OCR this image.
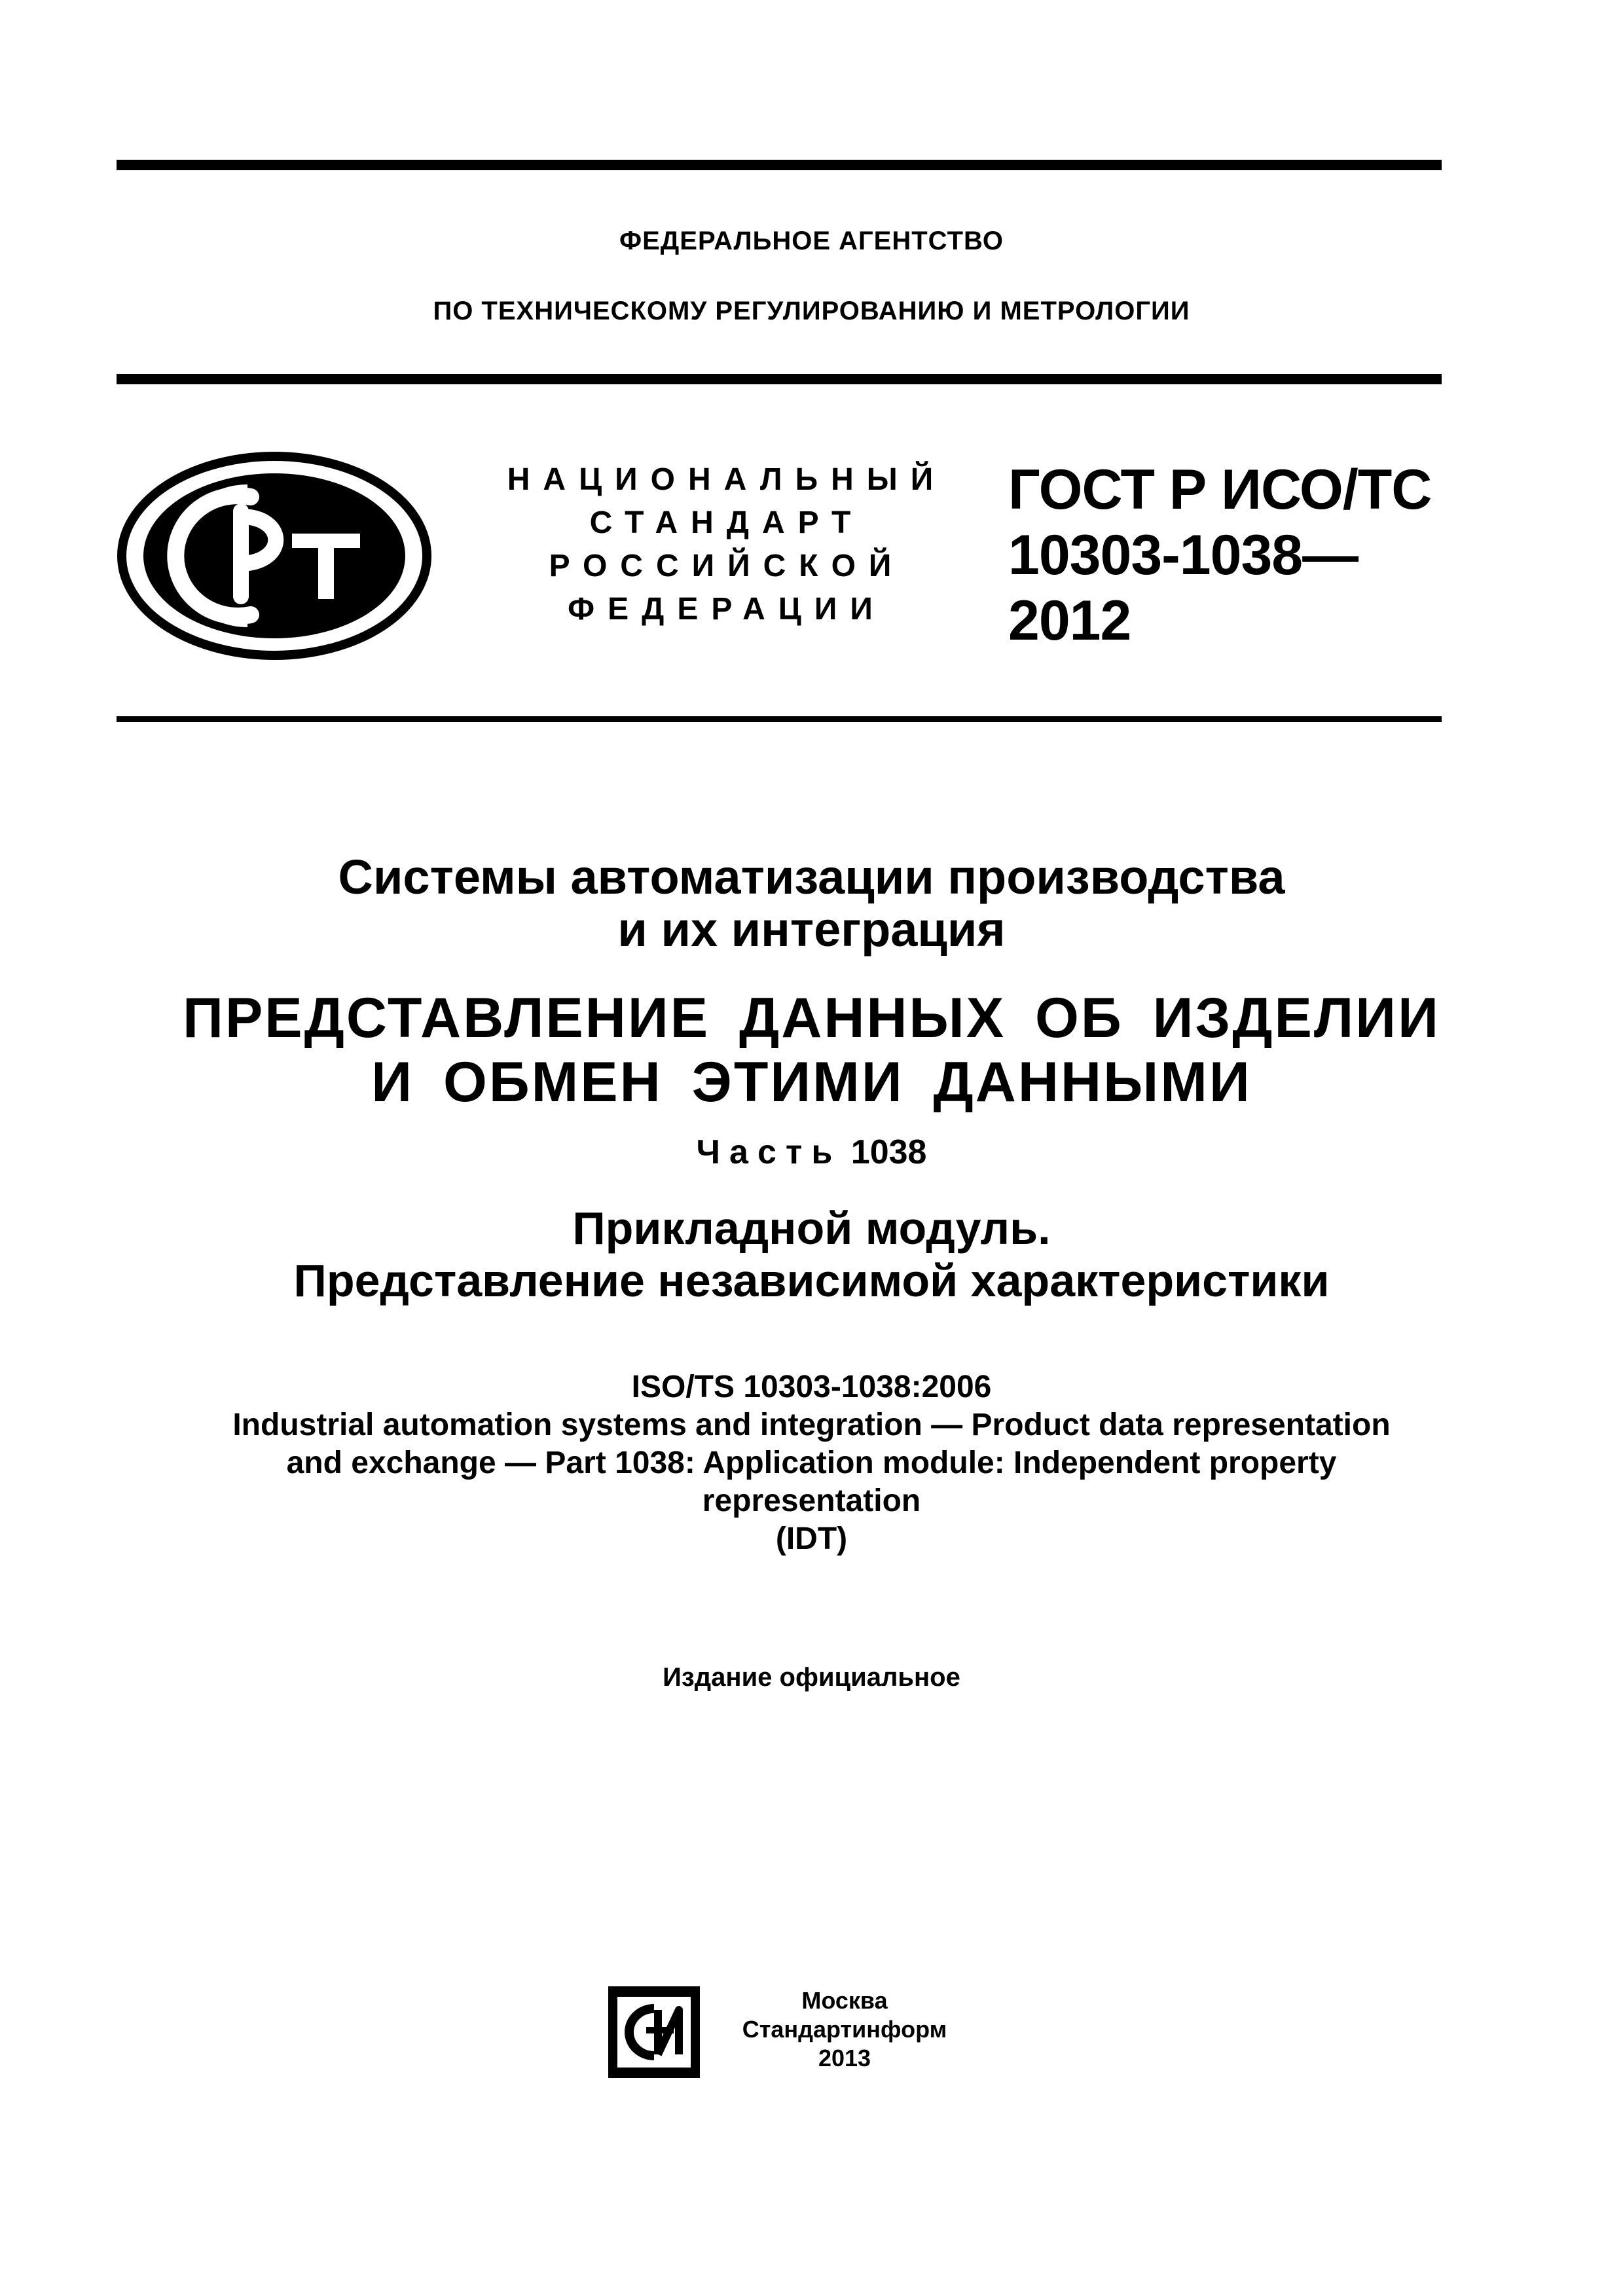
ФЕДЕРАЛЬНОЕ АГЕНТСТВО
ПО ТЕХНИЧЕСКОМУ РЕГУЛИРОВАНИЮ И МЕТРОЛОГИИ
НАЦИОНАЛЬНЫЙ
СТАНДАРТ
РОССИЙСКОЙ
ФЕДЕРАЦИИ
ГОСТ Р ИСО/ТС
10303-1038—
2012
Системы автоматизации производства
и их интеграция
ПРЕДСТАВЛЕНИЕ ДАННЫХ ОБ ИЗДЕЛИИ
И ОБМЕН ЭТИМИ ДАННЫМИ
Часть 1038
Прикладной модуль.
Представление независимой характеристики
ISO/TS 10303-1038:2006
Industrial automation systems and integration — Product data representation
and exchange — Part 1038: Application module: Independent property
representation
(IDT)
Издание официальное
Москва
Стандартинформ
2013
